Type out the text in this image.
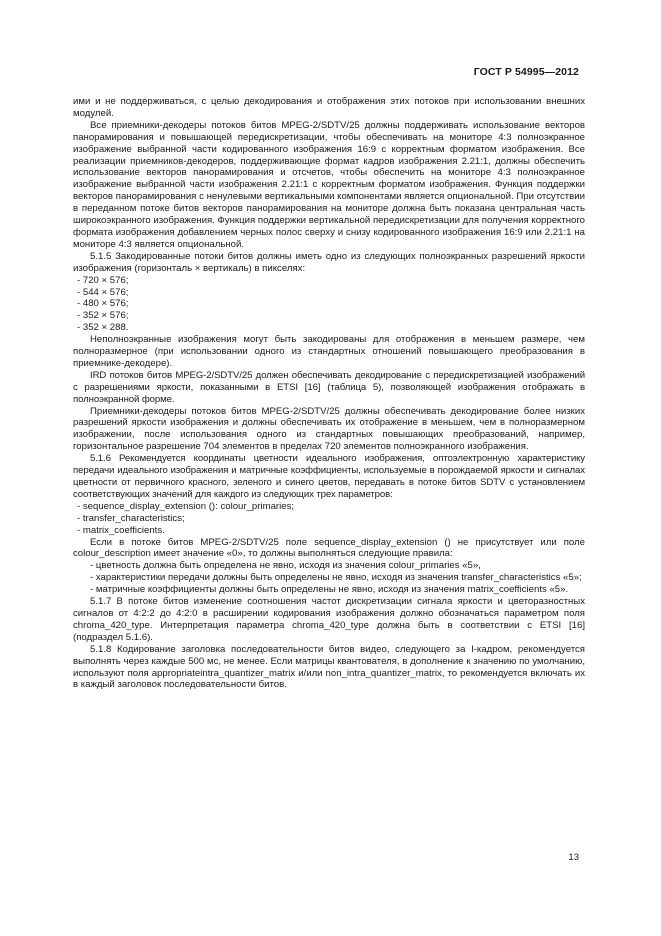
ГОСТ Р 54995—2012

ими и не поддерживаться, с целью декодирования и отображения этих потоков при использовании внешних модулей.

Все приемники-декодеры потоков битов MPEG-2/SDTV/25 должны поддерживать использование векторов панорамирования и повышающей передискретизации, чтобы обеспечивать на мониторе 4:3 полноэкранное изображение выбранной части кодированного изображения 16:9 с корректным форматом изображения. Все реализации приемников-декодеров, поддерживающие формат кадров изображения 2.21:1, должны обеспечить использование векторов панорамирования и отсчетов, чтобы обеспечить на мониторе 4:3 полноэкранное изображение выбранной части изображения 2.21:1 с корректным форматом изображения. Функция поддержки векторов панорамирования с ненулевыми вертикальными компонентами является опциональной. При отсутствии в переданном потоке битов векторов панорамирования на мониторе должна быть показана центральная часть широкоэкранного изображения. Функция поддержки вертикальной передискретизации для получения корректного формата изображения добавлением черных полос сверху и снизу кодированного изображения 16:9 или 2.21:1 на мониторе 4:3 является опциональной.

5.1.5 Закодированные потоки битов должны иметь одно из следующих полноэкранных разрешений яркости изображения (горизонталь × вертикаль) в пикселях:

- 720 × 576;
- 544 × 576;
- 480 × 576;
- 352 × 576;
- 352 × 288.

Неполноэкранные изображения могут быть закодированы для отображения в меньшем размере, чем полноразмерное (при использовании одного из стандартных отношений повышающего преобразования в приемнике-декодере).

IRD потоков битов MPEG-2/SDTV/25 должен обеспечивать декодирование с передискретизацией изображений с разрешениями яркости, показанными в ETSI [16] (таблица 5), позволяющей изображения отображать в полноэкранной форме.

Приемники-декодеры потоков битов MPEG-2/SDTV/25 должны обеспечивать декодирование более низких разрешений яркости изображения и должны обеспечивать их отображение в меньшем, чем в полноразмерном изображении, после использования одного из стандартных повышающих преобразований, например, горизонтальное разрешение 704 элементов в пределах 720 элементов полноэкранного изображения.

5.1.6 Рекомендуется координаты цветности идеального изображения, оптоэлектронную характеристику передачи идеального изображения и матричные коэффициенты, используемые в порождаемой яркости и сигналах цветности от первичного красного, зеленого и синего цветов, передавать в потоке битов SDTV с установлением соответствующих значений для каждого из следующих трех параметров:

- sequence_display_extension (): colour_primaries;
- transfer_characteristics;
- matrix_coefficients.

Если в потоке битов MPEG-2/SDTV/25 поле sequence_display_extension () не присутствует или поле colour_description имеет значение «0», то должны выполняться следующие правила:

- цветность должна быть определена не явно, исходя из значения colour_primaries «5»,

- характеристики передачи должны быть определены не явно, исходя из значения transfer_characteristics «5»;

- матричные коэффициенты должны быть определены не явно, исходя из значения matrix_coefficients «5».

5.1.7 В потоке битов изменение соотношения частот дискретизации сигнала яркости и цветоразностных сигналов от 4:2:2 до 4:2:0 в расширении кодирования изображения должно обозначаться параметром поля chroma_420_type. Интерпретация параметра chroma_420_type должна быть в соответствии с ETSI [16] (подраздел 5.1.6).

5.1.8 Кодирование заголовка последовательности битов видео, следующего за I-кадром, рекомендуется выполнять через каждые 500 мс, не менее. Если матрицы квантователя, в дополнение к значению по умолчанию, используют поля appropriateintra_quantizer_matrix и/или non_intra_quantizer_matrix, то рекомендуется включать их в каждый заголовок последовательности битов.

13
